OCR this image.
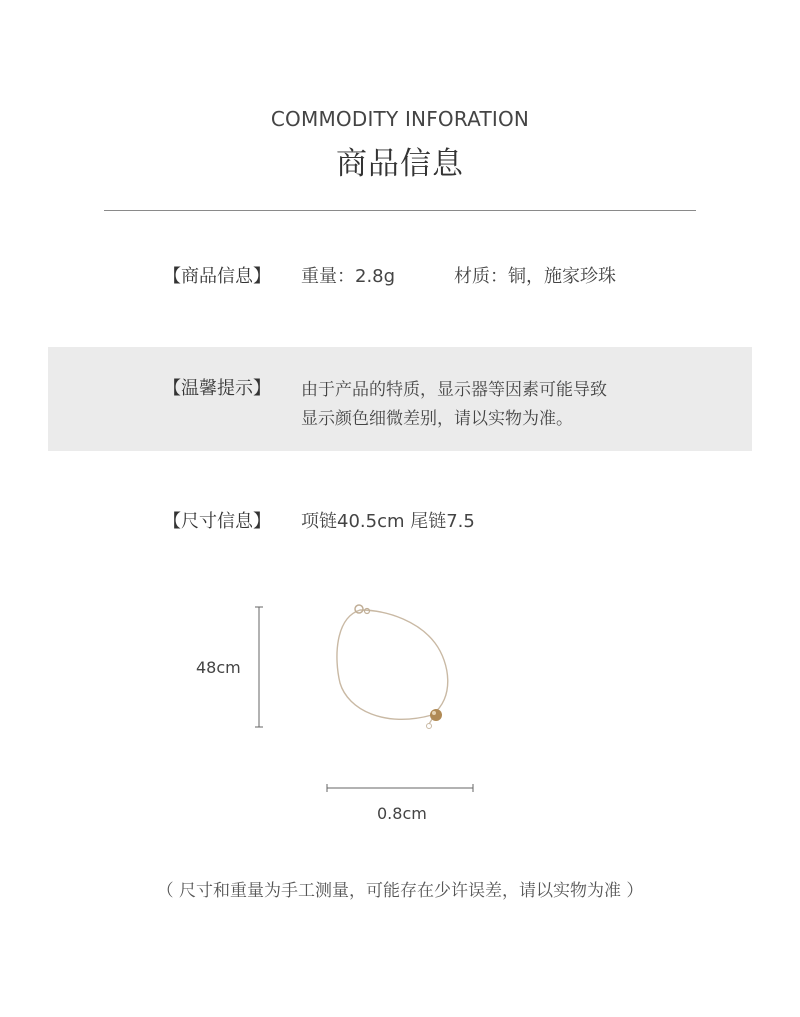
COMMODITY INFORATION
商品信息
【商品信息】 重量：2.8g	材质：铜，施家珍珠
【温馨提示】 由于产品的特质，显示器等因素可能导致
显示颜色细微差别，请以实物为准。
【尺寸信息】 项链40.5cm 尾链7.5
48cm
0.8cm
（ 尺寸和重量为手工测量，可能存在少许误差，请以实物为准 ）
